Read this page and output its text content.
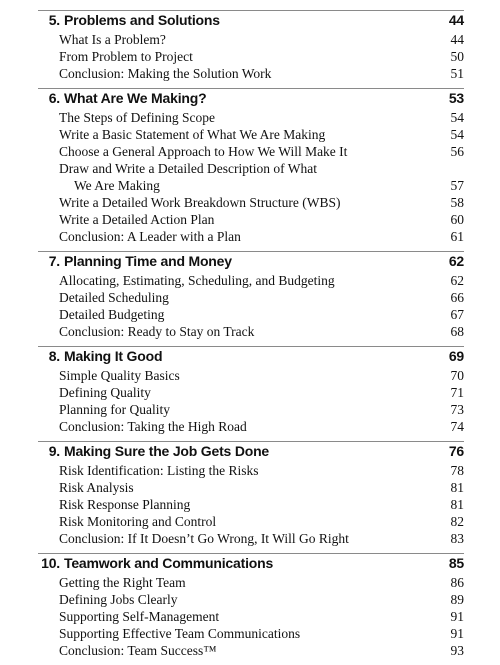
5. Problems and Solutions	44
What Is a Problem?	44
From Problem to Project	50
Conclusion: Making the Solution Work	51
6. What Are We Making?	53
The Steps of Defining Scope	54
Write a Basic Statement of What We Are Making	54
Choose a General Approach to How We Will Make It	56
Draw and Write a Detailed Description of What
We Are Making	57
Write a Detailed Work Breakdown Structure (WBS)	58
Write a Detailed Action Plan	60
Conclusion: A Leader with a Plan	61
7. Planning Time and Money	62
Allocating, Estimating, Scheduling, and Budgeting	62
Detailed Scheduling	66
Detailed Budgeting	67
Conclusion: Ready to Stay on Track	68
8. Making It Good	69
Simple Quality Basics	70
Defining Quality	71
Planning for Quality	73
Conclusion: Taking the High Road	74
9. Making Sure the Job Gets Done	76
Risk Identification: Listing the Risks	78
Risk Analysis	81
Risk Response Planning	81
Risk Monitoring and Control	82
Conclusion: If It Doesn’t Go Wrong, It Will Go Right	83
10. Teamwork and Communications	85
Getting the Right Team	86
Defining Jobs Clearly	89
Supporting Self-Management	91
Supporting Effective Team Communications	91
Conclusion: Team Success™	93
